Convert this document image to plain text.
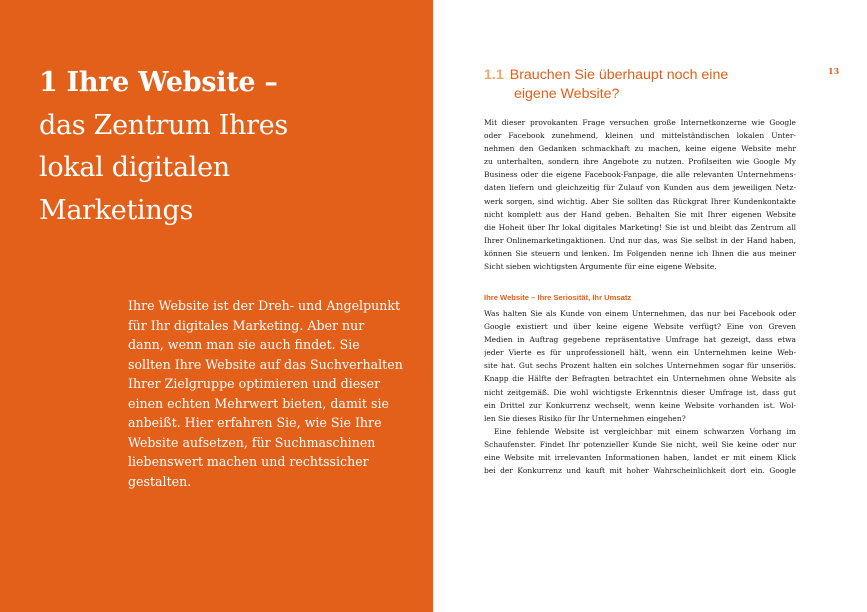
1 Ihre Website –
das Zentrum Ihres
lokal digitalen
Marketings
Ihre Website ist der Dreh- und Angelpunkt
für Ihr digitales Marketing. Aber nur
dann, wenn man sie auch findet. Sie
sollten Ihre Website auf das Suchverhalten
Ihrer Zielgruppe optimieren und dieser
einen echten Mehrwert bieten, damit sie
anbeißt. Hier erfahren Sie, wie Sie Ihre
Website aufsetzen, für Suchmaschinen
liebenswert machen und rechtssicher
gestalten.
13
1.1 Brauchen Sie überhaupt noch eine
eigene Website?
Mit dieser provokanten Frage versuchen große Internetkonzerne wie Google
oder Facebook zunehmend, kleinen und mittelständischen lokalen Unter-
nehmen den Gedanken schmackhaft zu machen, keine eigene Website mehr
zu unterhalten, sondern ihre Angebote zu nutzen. Profilseiten wie Google My
Business oder die eigene Facebook-Fanpage, die alle relevanten Unternehmens-
daten liefern und gleichzeitig für Zulauf von Kunden aus dem jeweiligen Netz-
werk sorgen, sind wichtig. Aber Sie sollten das Rückgrat Ihrer Kundenkontakte
nicht komplett aus der Hand geben. Behalten Sie mit Ihrer eigenen Website
die Hoheit über Ihr lokal digitales Marketing! Sie ist und bleibt das Zentrum all
Ihrer Onlinemarketingaktionen. Und nur das, was Sie selbst in der Hand haben,
können Sie steuern und lenken. Im Folgenden nenne ich Ihnen die aus meiner
Sicht sieben wichtigsten Argumente für eine eigene Website.
Ihre Website – Ihre Seriosität, Ihr Umsatz
Was halten Sie als Kunde von einem Unternehmen, das nur bei Facebook oder
Google existiert und über keine eigene Website verfügt? Eine von Greven
Medien in Auftrag gegebene repräsentative Umfrage hat gezeigt, dass etwa
jeder Vierte es für unprofessionell hält, wenn ein Unternehmen keine Web-
site hat. Gut sechs Prozent halten ein solches Unternehmen sogar für unseriös.
Knapp die Hälfte der Befragten betrachtet ein Unternehmen ohne Website als
nicht zeitgemäß. Die wohl wichtigste Erkenntnis dieser Umfrage ist, dass gut
ein Drittel zur Konkurrenz wechselt, wenn keine Website vorhanden ist. Wol-
len Sie dieses Risiko für Ihr Unternehmen eingehen?
Eine fehlende Website ist vergleichbar mit einem schwarzen Vorhang im
Schaufenster. Findet Ihr potenzieller Kunde Sie nicht, weil Sie keine oder nur
eine Website mit irrelevanten Informationen haben, landet er mit einem Klick
bei der Konkurrenz und kauft mit hoher Wahrscheinlichkeit dort ein. Google
